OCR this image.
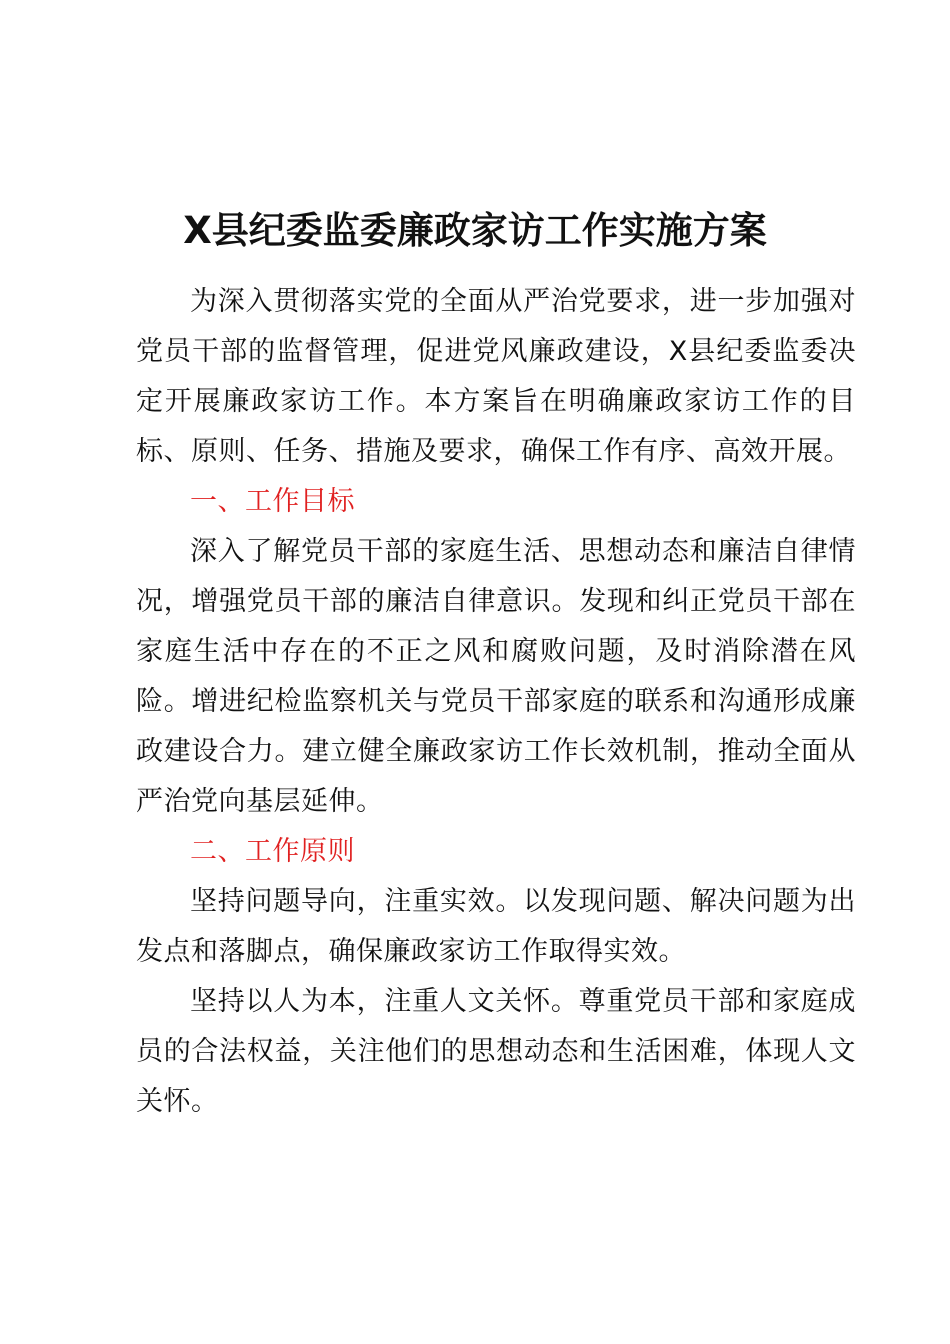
X县纪委监委廉政家访工作实施方案

为深入贯彻落实党的全面从严治党要求，进一步加强对党员干部的监督管理，促进党风廉政建设，X县纪委监委决定开展廉政家访工作。本方案旨在明确廉政家访工作的目标、原则、任务、措施及要求，确保工作有序、高效开展。

一、工作目标

深入了解党员干部的家庭生活、思想动态和廉洁自律情况，增强党员干部的廉洁自律意识。发现和纠正党员干部在家庭生活中存在的不正之风和腐败问题，及时消除潜在风险。增进纪检监察机关与党员干部家庭的联系和沟通形成廉政建设合力。建立健全廉政家访工作长效机制，推动全面从严治党向基层延伸。

二、工作原则

坚持问题导向，注重实效。以发现问题、解决问题为出发点和落脚点，确保廉政家访工作取得实效。

坚持以人为本，注重人文关怀。尊重党员干部和家庭成员的合法权益，关注他们的思想动态和生活困难，体现人文关怀。
